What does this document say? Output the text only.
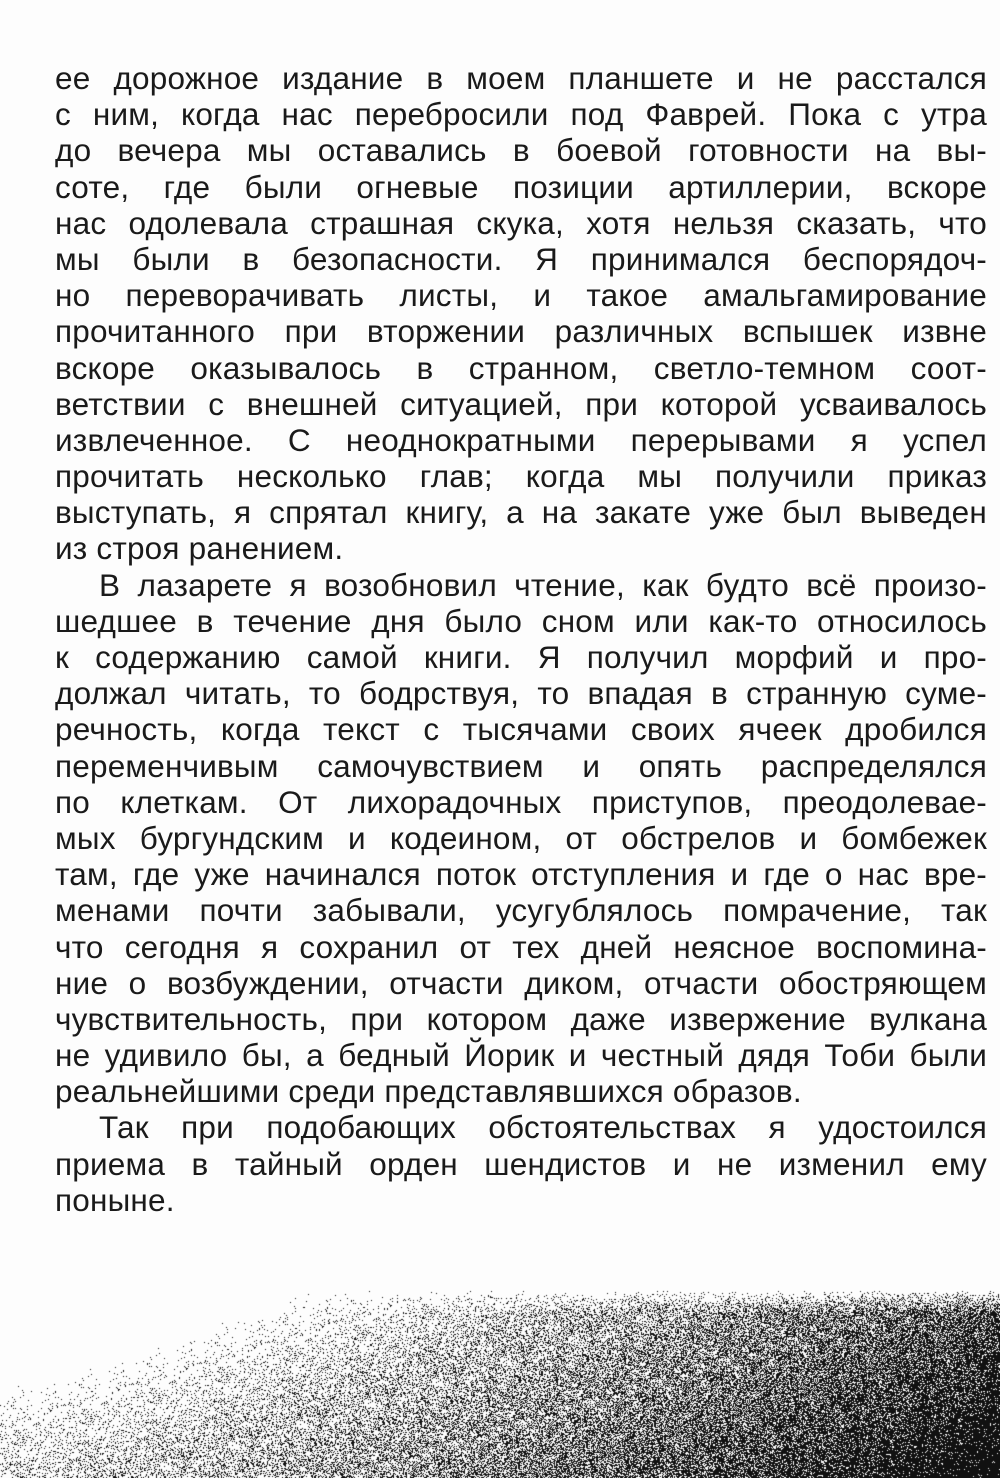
ее дорожное издание в моем планшете и не расстался
с ним, когда нас перебросили под Фаврей. Пока с утра
до вечера мы оставались в боевой готовности на вы-
соте, где были огневые позиции артиллерии, вскоре
нас одолевала страшная скука, хотя нельзя сказать, что
мы были в безопасности. Я принимался беспорядоч-
но переворачивать листы, и такое амальгамирование
прочитанного при вторжении различных вспышек извне
вскоре оказывалось в странном, светло-темном соот-
ветствии с внешней ситуацией, при которой усваивалось
извлеченное. С неоднократными перерывами я успел
прочитать несколько глав; когда мы получили приказ
выступать, я спрятал книгу, а на закате уже был выведен
из строя ранением.
В лазарете я возобновил чтение, как будто всё произо-
шедшее в течение дня было сном или как-то относилось
к содержанию самой книги. Я получил морфий и про-
должал читать, то бодрствуя, то впадая в странную суме-
речность, когда текст с тысячами своих ячеек дробился
переменчивым самочувствием и опять распределялся
по клеткам. От лихорадочных приступов, преодолевае-
мых бургундским и кодеином, от обстрелов и бомбежек
там, где уже начинался поток отступления и где о нас вре-
менами почти забывали, усугублялось помрачение, так
что сегодня я сохранил от тех дней неясное воспомина-
ние о возбуждении, отчасти диком, отчасти обостряющем
чувствительность, при котором даже извержение вулкана
не удивило бы, а бедный Йорик и честный дядя Тоби были
реальнейшими среди представлявшихся образов.
Так при подобающих обстоятельствах я удостоился
приема в тайный орден шендистов и не изменил ему
поныне.
